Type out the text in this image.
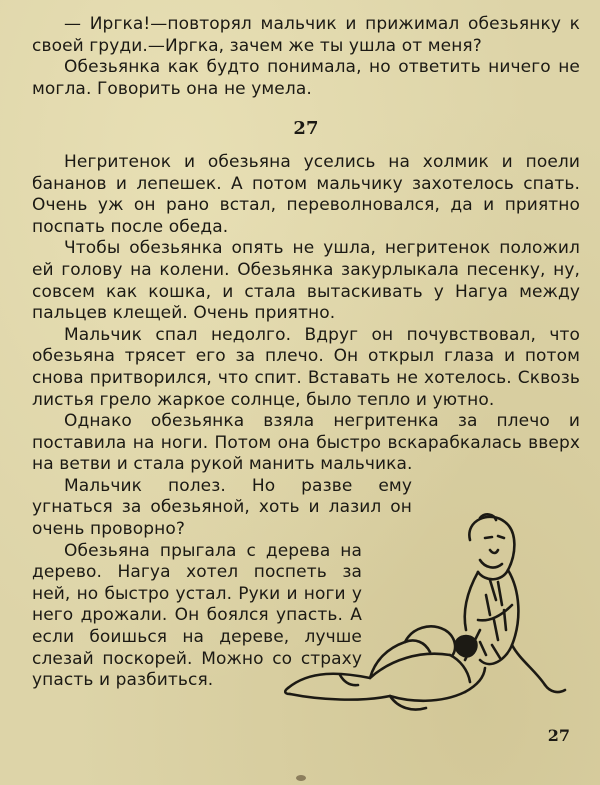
— Иргка!—повторял мальчик и прижимал обезьянку к своей груди.—Иргка, зачем же ты ушла от меня?

Обезьянка как будто понимала, но ответить ничего не могла. Говорить она не умела.

27

Негритенок и обезьяна уселись на холмик и поели бананов и лепешек. А потом мальчику захотелось спать. Очень уж он рано встал, переволновался, да и приятно поспать после обеда.

Чтобы обезьянка опять не ушла, негритенок положил ей голову на колени. Обезьянка закурлыкала песенку, ну, совсем как кошка, и стала вытаскивать у Нагуа между пальцев клещей. Очень приятно.

Мальчик спал недолго. Вдруг он почувствовал, что обезьяна трясет его за плечо. Он открыл глаза и потом снова притворился, что спит. Вставать не хотелось. Сквозь листья грело жаркое солнце, было тепло и уютно.

Однако обезьянка взяла негритенка за плечо и поставила на ноги. Потом она быстро вскарабкалась вверх на ветви и стала рукой манить мальчика.

Мальчик полез. Но разве ему угнаться за обезьяной, хоть и лазил он очень проворно?

Обезьяна прыгала с дерева на дерево. Нагуа хотел поспеть за ней, но быстро устал. Руки и ноги у него дрожали. Он боялся упасть. А если боишься на дереве, лучше слезай поскорей. Можно со страху упасть и разбиться.

27
